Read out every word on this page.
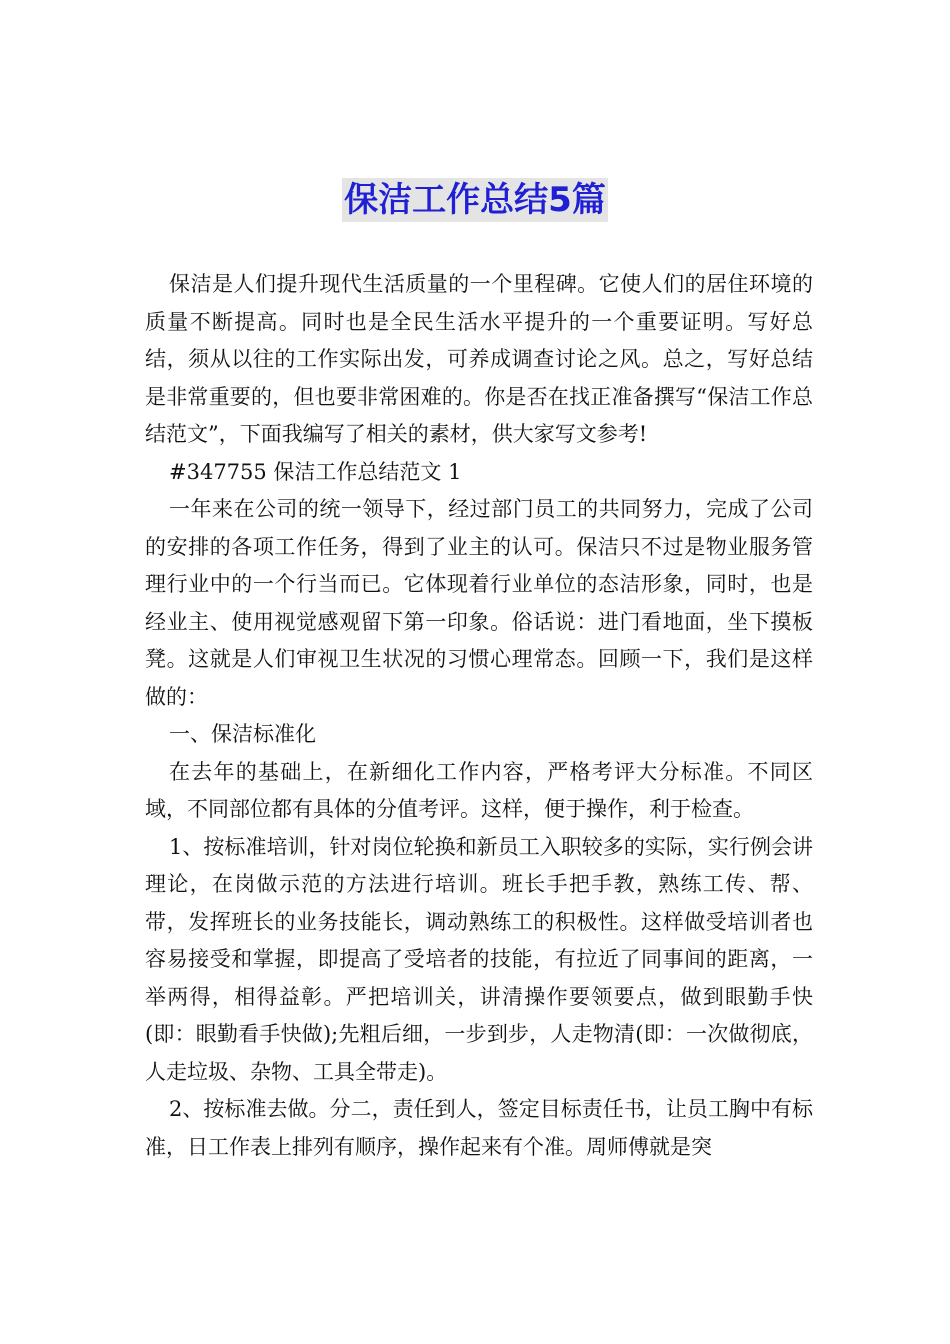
保洁工作总结5篇

保洁是人们提升现代生活质量的一个里程碑。它使人们的居住环境的质量不断提高。同时也是全民生活水平提升的一个重要证明。写好总结，须从以往的工作实际出发，可养成调查讨论之风。总之，写好总结是非常重要的，但也要非常困难的。你是否在找正准备撰写“保洁工作总结范文”，下面我编写了相关的素材，供大家写文参考!

#347755 保洁工作总结范文 1

一年来在公司的统一领导下，经过部门员工的共同努力，完成了公司的安排的各项工作任务，得到了业主的认可。保洁只不过是物业服务管理行业中的一个行当而已。它体现着行业单位的态洁形象，同时，也是经业主、使用视觉感观留下第一印象。俗话说：进门看地面，坐下摸板凳。这就是人们审视卫生状况的习惯心理常态。回顾一下，我们是这样做的：

一、保洁标准化

在去年的基础上，在新细化工作内容，严格考评大分标准。不同区域，不同部位都有具体的分值考评。这样，便于操作，利于检查。

1、按标准培训，针对岗位轮换和新员工入职较多的实际，实行例会讲理论，在岗做示范的方法进行培训。班长手把手教，熟练工传、帮、带，发挥班长的业务技能长，调动熟练工的积极性。这样做受培训者也容易接受和掌握，即提高了受培者的技能，有拉近了同事间的距离，一举两得，相得益彰。严把培训关，讲清操作要领要点，做到眼勤手快(即：眼勤看手快做);先粗后细，一步到步，人走物清(即：一次做彻底，人走垃圾、杂物、工具全带走)。

2、按标准去做。分二，责任到人，签定目标责任书，让员工胸中有标准，日工作表上排列有顺序，操作起来有个准。周师傅就是突
